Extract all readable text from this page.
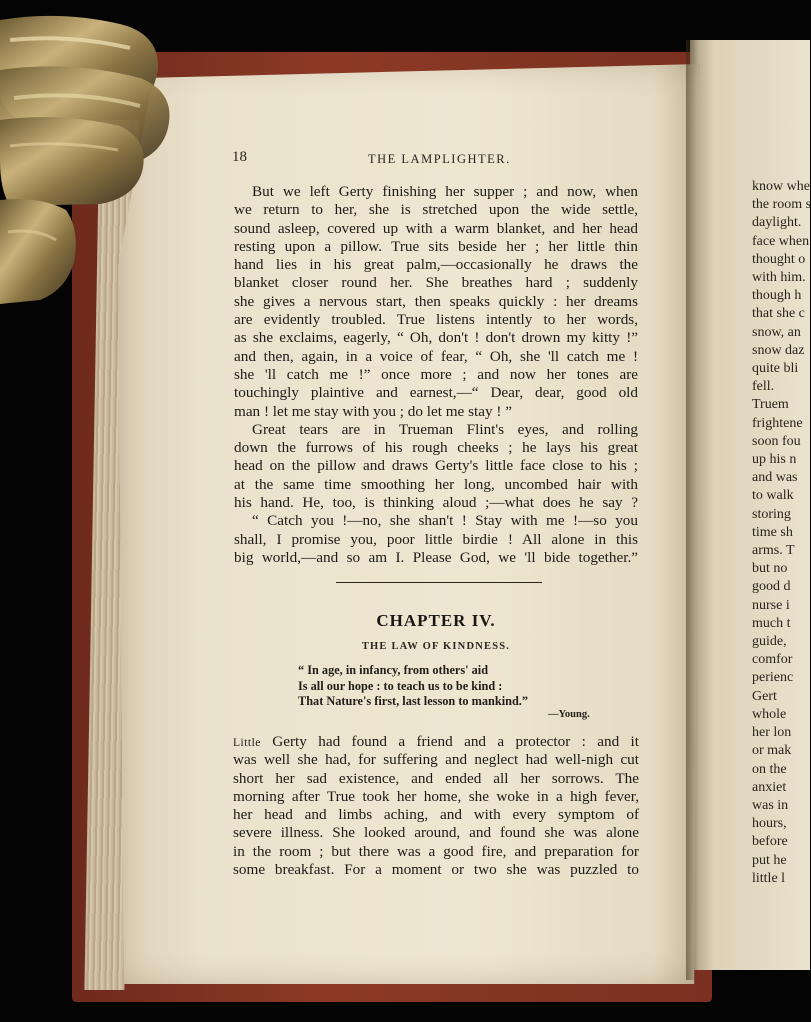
18	THE LAMPLIGHTER.
But we left Gerty finishing her supper ; and now, when
we return to her, she is stretched upon the wide settle,
sound asleep, covered up with a warm blanket, and her head
resting upon a pillow. True sits beside her ; her little thin
hand lies in his great palm,—occasionally he draws the
blanket closer round her. She breathes hard ; suddenly
she gives a nervous start, then speaks quickly : her dreams
are evidently troubled. True listens intently to her words,
as she exclaims, eagerly, “ Oh, don't ! don't drown my kitty !”
and then, again, in a voice of fear, “ Oh, she 'll catch me !
she 'll catch me !” once more ; and now her tones are
touchingly plaintive and earnest,—“ Dear, dear, good old
man ! let me stay with you ; do let me stay ! ”
Great tears are in Trueman Flint's eyes, and rolling
down the furrows of his rough cheeks ; he lays his great
head on the pillow and draws Gerty's little face close to his ;
at the same time smoothing her long, uncombed hair with
his hand. He, too, is thinking aloud ;—what does he say ?
“ Catch you !—no, she shan't ! Stay with me !—so you
shall, I promise you, poor little birdie ! All alone in this
big world,—and so am I. Please God, we 'll bide together.”
CHAPTER IV.
THE LAW OF KINDNESS.
“ In age, in infancy, from others' aid
Is all our hope : to teach us to be kind :
That Nature's first, last lesson to mankind.”
—Young.
Little Gerty had found a friend and a protector : and it
was well she had, for suffering and neglect had well-nigh cut
short her sad existence, and ended all her sorrows. The
morning after True took her home, she woke in a high fever,
her head and limbs aching, and with every symptom of
severe illness. She looked around, and found she was alone
in the room ; but there was a good fire, and preparation for
some breakfast. For a moment or two she was puzzled to
know whe
the room s
daylight.
face when
thought o
with him.
though h
that she c
snow, an
snow daz
quite bli
fell.
Truem
frightene
soon fou
up his n
and was
to walk
storing
time sh
arms. T
but no
good d
nurse i
much t
guide,
comfor
perienc
Gert
whole
her lon
or mak
on the
anxiet
was in
hours,
before
put he
little l
